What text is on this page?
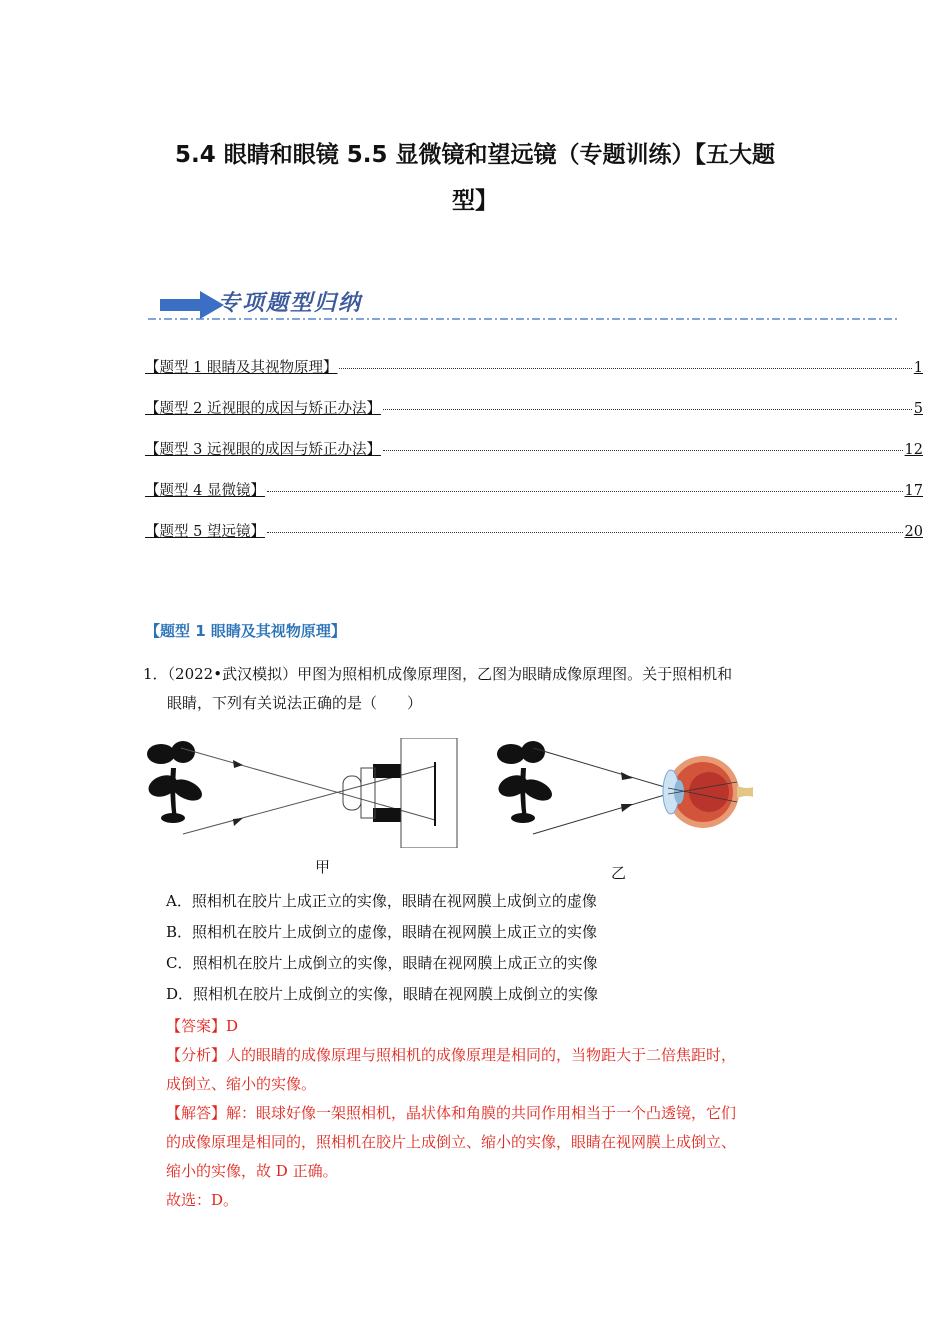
5.4 眼睛和眼镜 5.5 显微镜和望远镜（专题训练）【五大题
型】
专项题型归纳
【题型 1 眼睛及其视物原理】	1
【题型 2 近视眼的成因与矫正办法】	5
【题型 3 远视眼的成因与矫正办法】	12
【题型 4 显微镜】	17
【题型 5 望远镜】	20
【题型 1 眼睛及其视物原理】
1．（2022•武汉模拟）甲图为照相机成像原理图，乙图为眼睛成像原理图。关于照相机和
眼睛，下列有关说法正确的是（　　）
甲	乙
A．照相机在胶片上成正立的实像，眼睛在视网膜上成倒立的虚像
B．照相机在胶片上成倒立的虚像，眼睛在视网膜上成正立的实像
C．照相机在胶片上成倒立的实像，眼睛在视网膜上成正立的实像
D．照相机在胶片上成倒立的实像，眼睛在视网膜上成倒立的实像
【答案】D
【分析】人的眼睛的成像原理与照相机的成像原理是相同的，当物距大于二倍焦距时，
成倒立、缩小的实像。
【解答】解：眼球好像一架照相机，晶状体和角膜的共同作用相当于一个凸透镜，它们
的成像原理是相同的，照相机在胶片上成倒立、缩小的实像，眼睛在视网膜上成倒立、
缩小的实像，故 D 正确。
故选：D。
